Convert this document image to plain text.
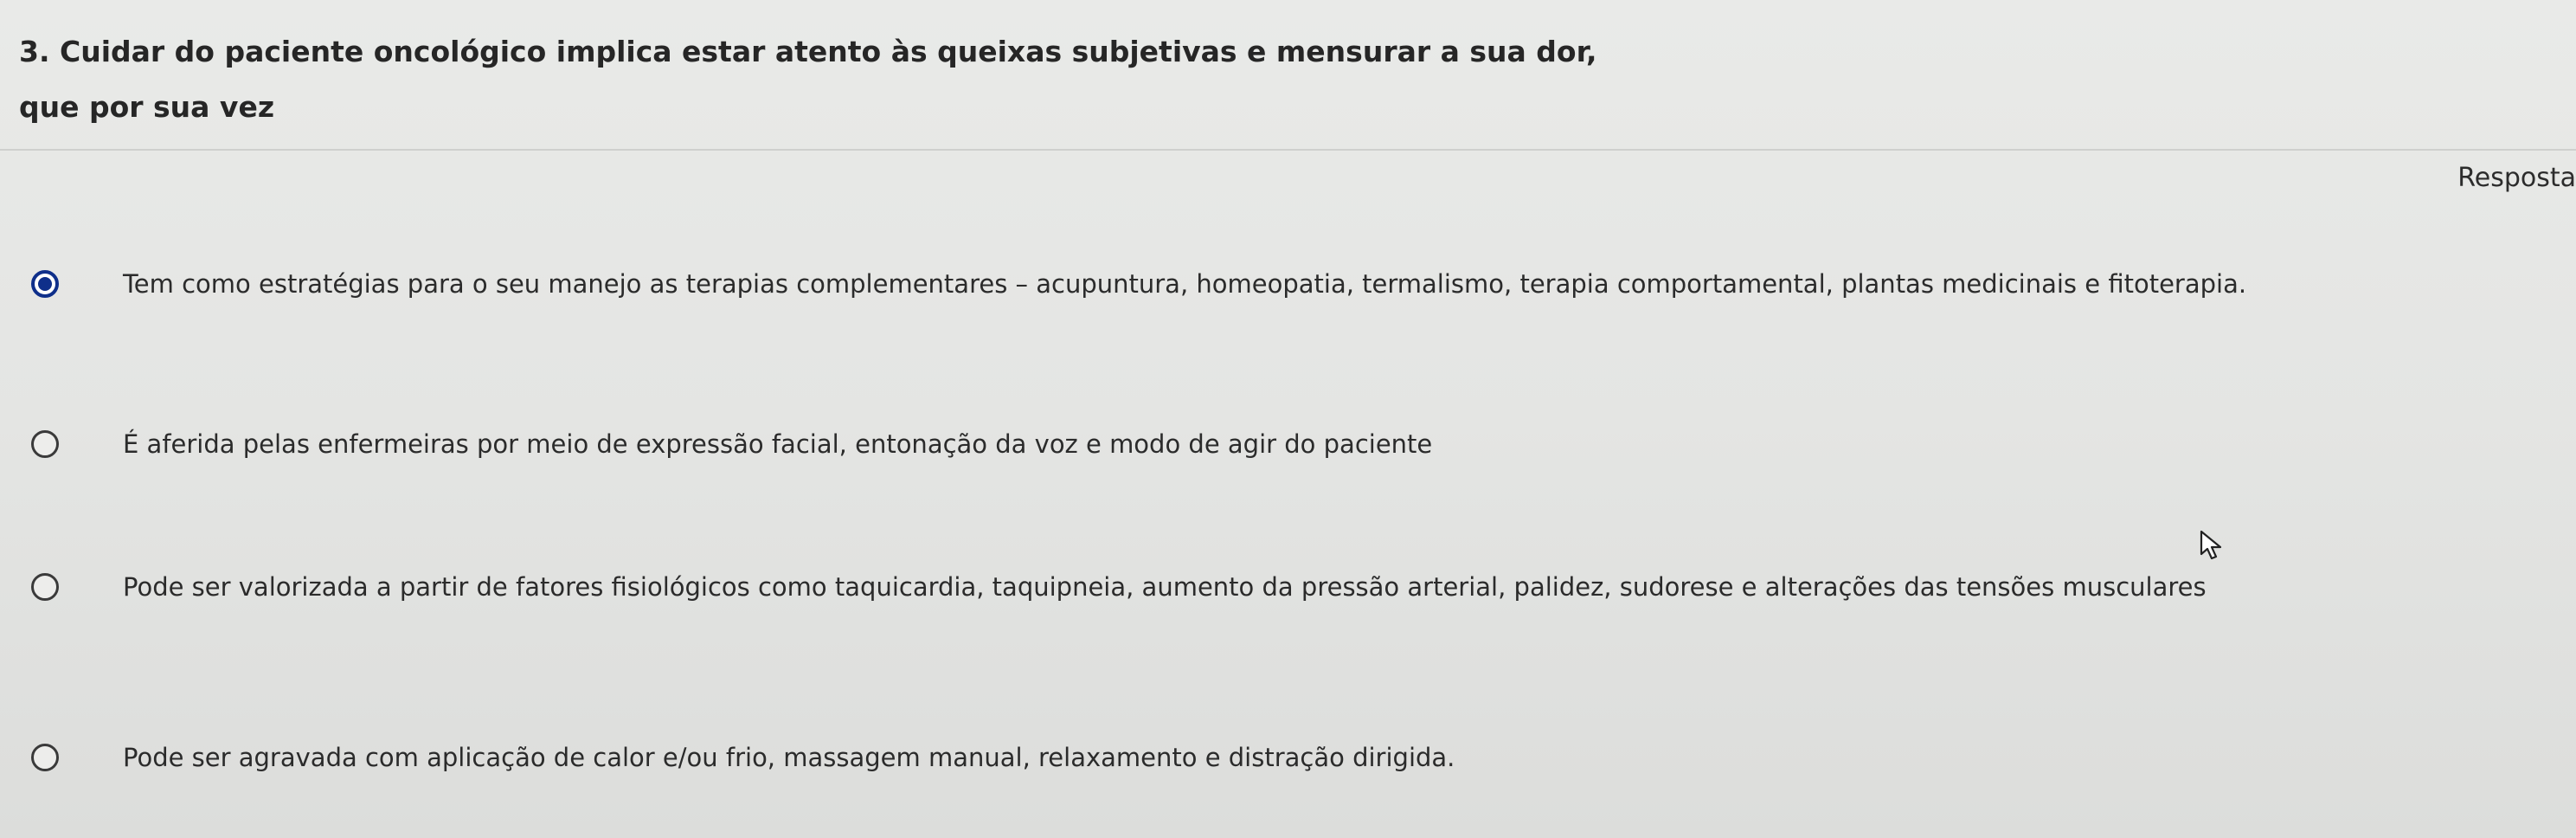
3. Cuidar do paciente oncológico implica estar atento às queixas subjetivas e mensurar a sua dor, que por sua vez
Resposta
Tem como estratégias para o seu manejo as terapias complementares – acupuntura, homeopatia, termalismo, terapia comportamental, plantas medicinais e fitoterapia.
É aferida pelas enfermeiras por meio de expressão facial, entonação da voz e modo de agir do paciente
Pode ser valorizada a partir de fatores fisiológicos como taquicardia, taquipneia, aumento da pressão arterial, palidez, sudorese e alterações das tensões musculares
Pode ser agravada com aplicação de calor e/ou frio, massagem manual, relaxamento e distração dirigida.
